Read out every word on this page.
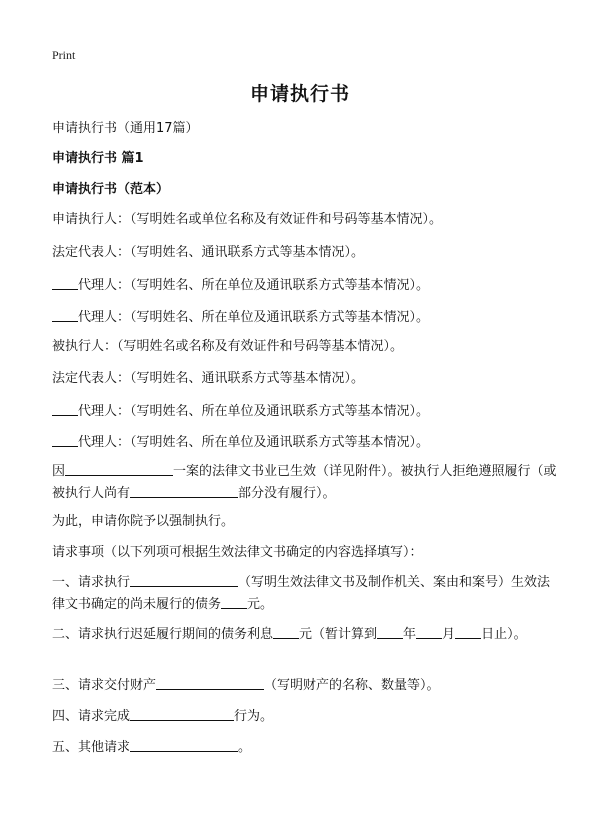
Print
申请执行书
申请执行书（通用17篇）
申请执行书 篇1
申请执行书（范本）
申请执行人：（写明姓名或单位名称及有效证件和号码等基本情况）。
法定代表人：（写明姓名、通讯联系方式等基本情况）。
代理人：（写明姓名、所在单位及通讯联系方式等基本情况）。
代理人：（写明姓名、所在单位及通讯联系方式等基本情况）。
被执行人：（写明姓名或名称及有效证件和号码等基本情况）。
法定代表人：（写明姓名、通讯联系方式等基本情况）。
代理人：（写明姓名、所在单位及通讯联系方式等基本情况）。
代理人：（写明姓名、所在单位及通讯联系方式等基本情况）。
因	一案的法律文书业已生效（详见附件）。被执行人拒绝遵照履行（或被执行人尚有	部分没有履行）。
为此，申请你院予以强制执行。
请求事项（以下列项可根据生效法律文书确定的内容选择填写）：
一、请求执行	（写明生效法律文书及制作机关、案由和案号）生效法律文书确定的尚未履行的债务 元。
二、请求执行迟延履行期间的债务利息 元（暂计算到 年 月 日止）。
三、请求交付财产	（写明财产的名称、数量等）。
四、请求完成	行为。
五、其他请求	。
